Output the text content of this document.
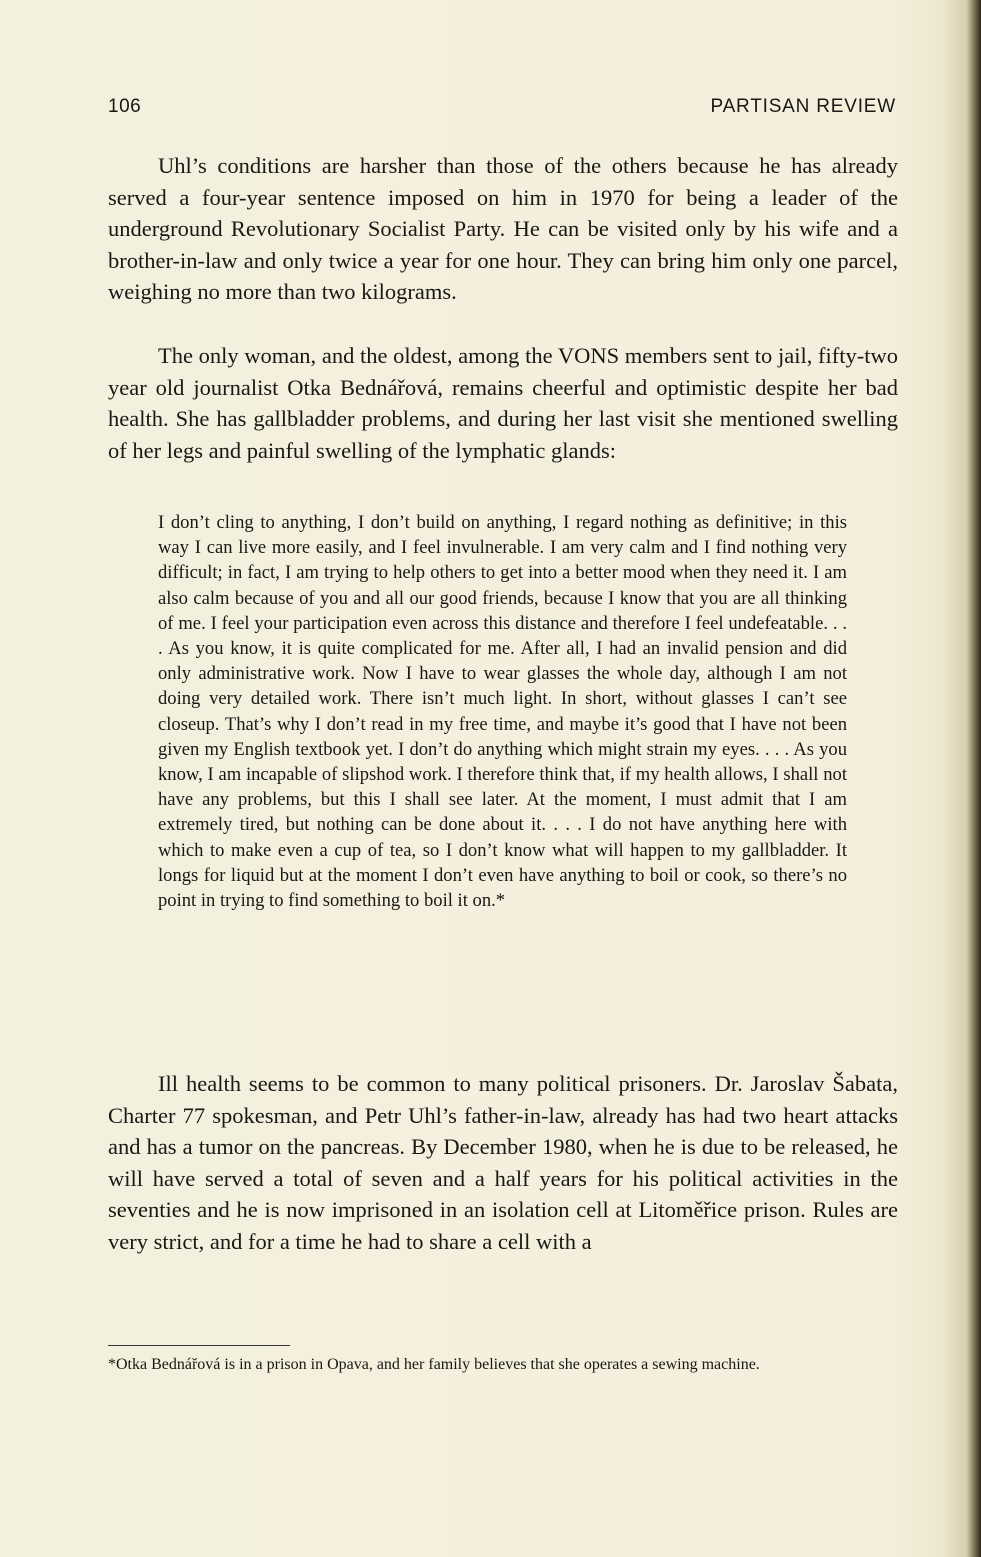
106	PARTISAN REVIEW

Uhl’s conditions are harsher than those of the others because he has already served a four-year sentence imposed on him in 1970 for being a leader of the underground Revolutionary Socialist Party. He can be visited only by his wife and a brother-in-law and only twice a year for one hour. They can bring him only one parcel, weighing no more than two kilograms.

The only woman, and the oldest, among the VONS members sent to jail, fifty-two year old journalist Otka Bednářová, remains cheerful and optimistic despite her bad health. She has gallbladder problems, and during her last visit she mentioned swelling of her legs and painful swelling of the lymphatic glands:

I don’t cling to anything, I don’t build on anything, I regard nothing as definitive; in this way I can live more easily, and I feel invulnerable. I am very calm and I find nothing very difficult; in fact, I am trying to help others to get into a better mood when they need it. I am also calm because of you and all our good friends, because I know that you are all thinking of me. I feel your participation even across this distance and therefore I feel undefeatable. . . . As you know, it is quite complicated for me. After all, I had an invalid pension and did only administrative work. Now I have to wear glasses the whole day, although I am not doing very detailed work. There isn’t much light. In short, without glasses I can’t see closeup. That’s why I don’t read in my free time, and maybe it’s good that I have not been given my English textbook yet. I don’t do anything which might strain my eyes. . . . As you know, I am incapable of slipshod work. I therefore think that, if my health allows, I shall not have any problems, but this I shall see later. At the moment, I must admit that I am extremely tired, but nothing can be done about it. . . . I do not have anything here with which to make even a cup of tea, so I don’t know what will happen to my gallbladder. It longs for liquid but at the moment I don’t even have anything to boil or cook, so there’s no point in trying to find something to boil it on.*

Ill health seems to be common to many political prisoners. Dr. Jaroslav Šabata, Charter 77 spokesman, and Petr Uhl’s father-in-law, already has had two heart attacks and has a tumor on the pancreas. By December 1980, when he is due to be released, he will have served a total of seven and a half years for his political activities in the seventies and he is now imprisoned in an isolation cell at Litoměřice prison. Rules are very strict, and for a time he had to share a cell with a

*Otka Bednářová is in a prison in Opava, and her family believes that she operates a sewing machine.
